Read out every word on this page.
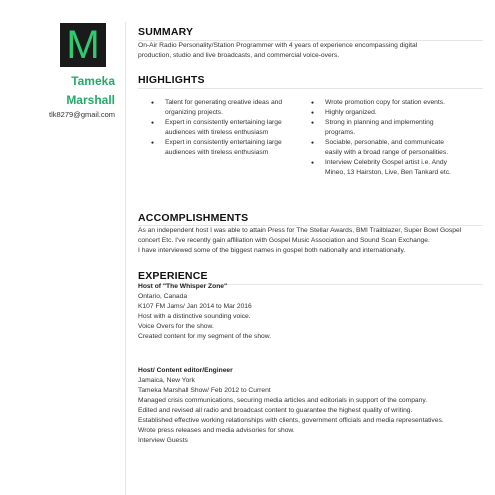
M
Tameka
Marshall
tlk8279@gmail.com
SUMMARY
On-Air Radio Personality/Station Programmer with 4 years of experience encompassing digital production, studio and live broadcasts, and commercial voice-overs.
HIGHLIGHTS
● Talent for generating creative ideas and organizing projects.
● Expert in consistently entertaining large audiences with tireless enthusiasm
● Expert in consistently entertaining large audiences with tireless enthusiasm
● Wrote promotion copy for station events.
● Highly organized.
● Strong in planning and implementing programs.
● Sociable, personable, and communicate easily with a broad range of personalities.
● Interview Celebrity Gospel artist i.e. Andy Mineo, 13 Hairston, Live, Ben Tankard etc.
ACCOMPLISHMENTS
As an independent host I was able to attain Press for The Stellar Awards, BMI Trailblazer, Super Bowl Gospel concert Etc. I've recently gain affiliation with Gospel Music Association and Sound Scan Exchange.
I have interviewed some of the biggest names in gospel both nationally and internationally.
EXPERIENCE
Host of "The Whisper Zone"
Ontario, Canada
K107 FM Jams/ Jan 2014 to Mar 2016
Host with a distinctive sounding voice.
Voice Overs for the show.
Created content for my segment of the show.
Host/ Content editor/Engineer
Jamaica, New York
Tameka Marshall Show/ Feb 2012 to Current
Managed crisis communications, securing media articles and editorials in support of the company.
Edited and revised all radio and broadcast content to guarantee the highest quality of writing.
Established effective working relationships with clients, government officials and media representatives.
Wrote press releases and media advisories for show.
Interview Guests
